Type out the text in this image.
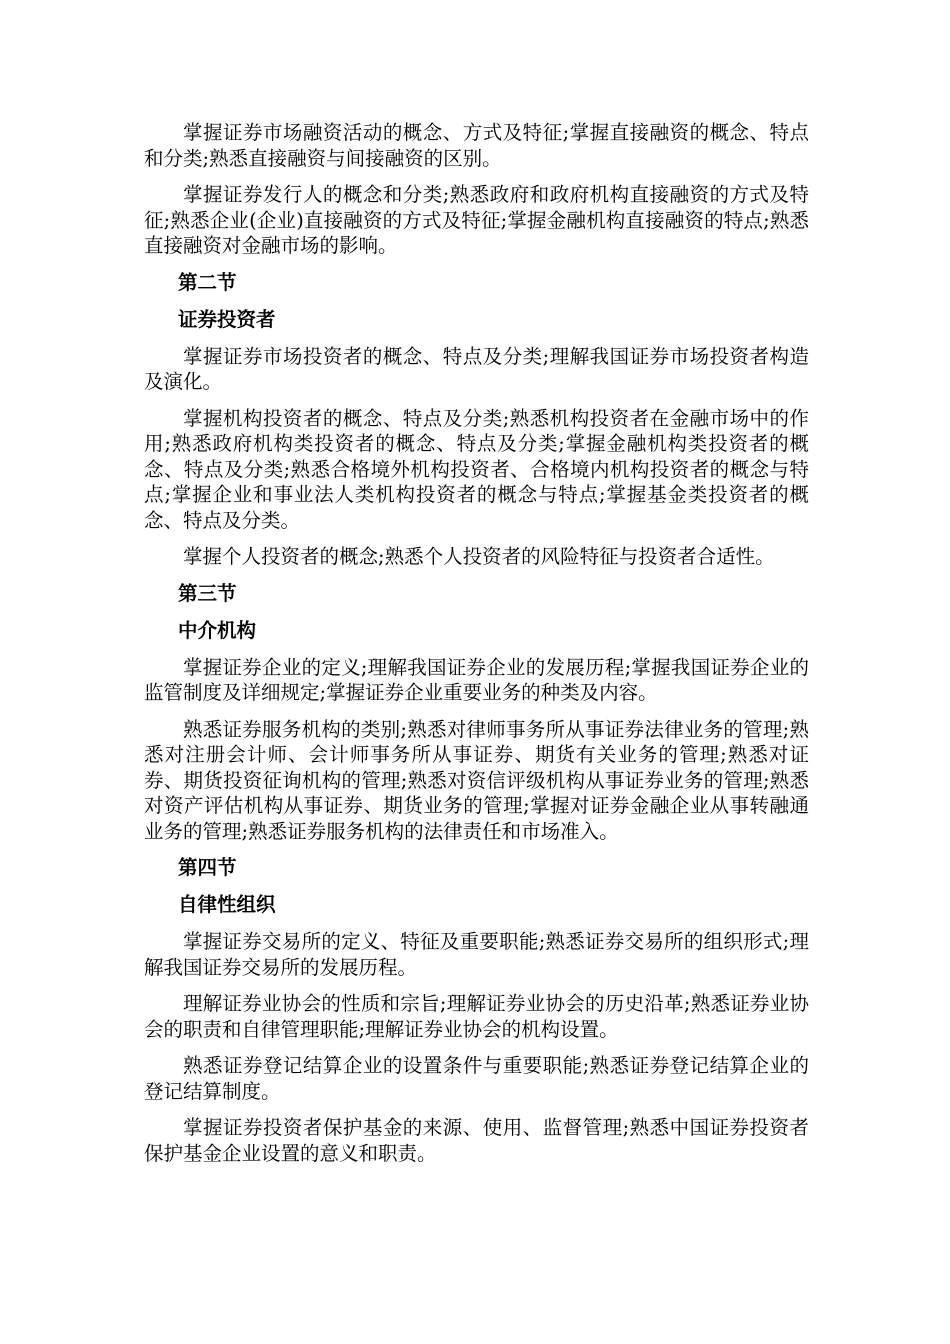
掌握证券市场融资活动的概念、方式及特征;掌握直接融资的概念、特点和分类;熟悉直接融资与间接融资的区别。

掌握证券发行人的概念和分类;熟悉政府和政府机构直接融资的方式及特征;熟悉企业(企业)直接融资的方式及特征;掌握金融机构直接融资的特点;熟悉直接融资对金融市场的影响。

第二节
证券投资者

掌握证券市场投资者的概念、特点及分类;理解我国证券市场投资者构造及演化。

掌握机构投资者的概念、特点及分类;熟悉机构投资者在金融市场中的作用;熟悉政府机构类投资者的概念、特点及分类;掌握金融机构类投资者的概念、特点及分类;熟悉合格境外机构投资者、合格境内机构投资者的概念与特点;掌握企业和事业法人类机构投资者的概念与特点;掌握基金类投资者的概念、特点及分类。

掌握个人投资者的概念;熟悉个人投资者的风险特征与投资者合适性。

第三节
中介机构

掌握证券企业的定义;理解我国证券企业的发展历程;掌握我国证券企业的监管制度及详细规定;掌握证券企业重要业务的种类及内容。

熟悉证券服务机构的类别;熟悉对律师事务所从事证券法律业务的管理;熟悉对注册会计师、会计师事务所从事证券、期货有关业务的管理;熟悉对证券、期货投资征询机构的管理;熟悉对资信评级机构从事证券业务的管理;熟悉对资产评估机构从事证券、期货业务的管理;掌握对证券金融企业从事转融通业务的管理;熟悉证券服务机构的法律责任和市场准入。

第四节
自律性组织

掌握证券交易所的定义、特征及重要职能;熟悉证券交易所的组织形式;理解我国证券交易所的发展历程。

理解证券业协会的性质和宗旨;理解证券业协会的历史沿革;熟悉证券业协会的职责和自律管理职能;理解证券业协会的机构设置。

熟悉证券登记结算企业的设置条件与重要职能;熟悉证券登记结算企业的登记结算制度。

掌握证券投资者保护基金的来源、使用、监督管理;熟悉中国证券投资者保护基金企业设置的意义和职责。
